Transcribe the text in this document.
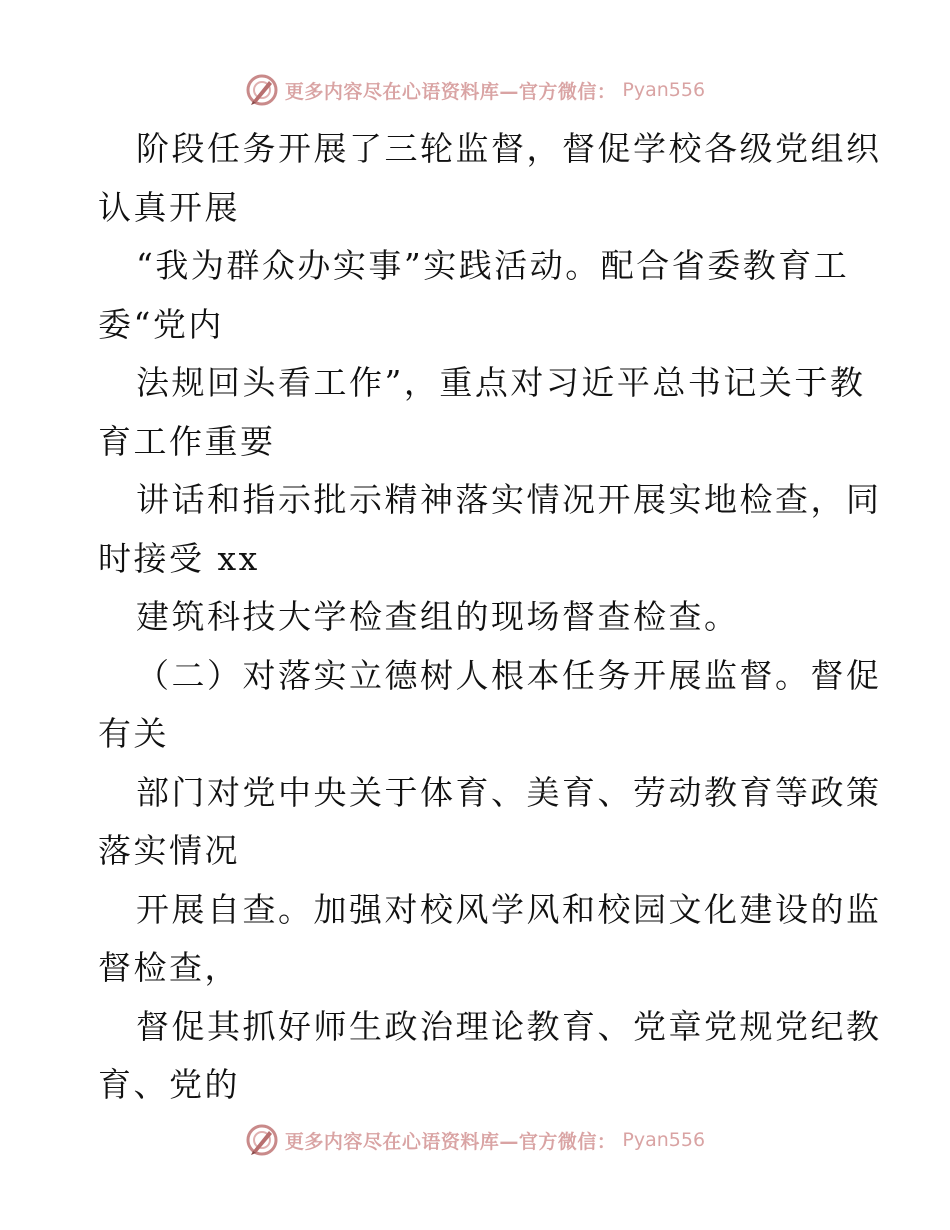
更多内容尽在心语资料库—官方微信： Pyan556
阶段任务开展了三轮监督，督促学校各级党组织
认真开展
“我为群众办实事”实践活动。配合省委教育工
委“党内
法规回头看工作”，重点对习近平总书记关于教
育工作重要
讲话和指示批示精神落实情况开展实地检查，同
时接受 xx
建筑科技大学检查组的现场督查检查。
（二）对落实立德树人根本任务开展监督。督促
有关
部门对党中央关于体育、美育、劳动教育等政策
落实情况
开展自查。加强对校风学风和校园文化建设的监
督检查，
督促其抓好师生政治理论教育、党章党规党纪教
育、党的
更多内容尽在心语资料库—官方微信： Pyan556
